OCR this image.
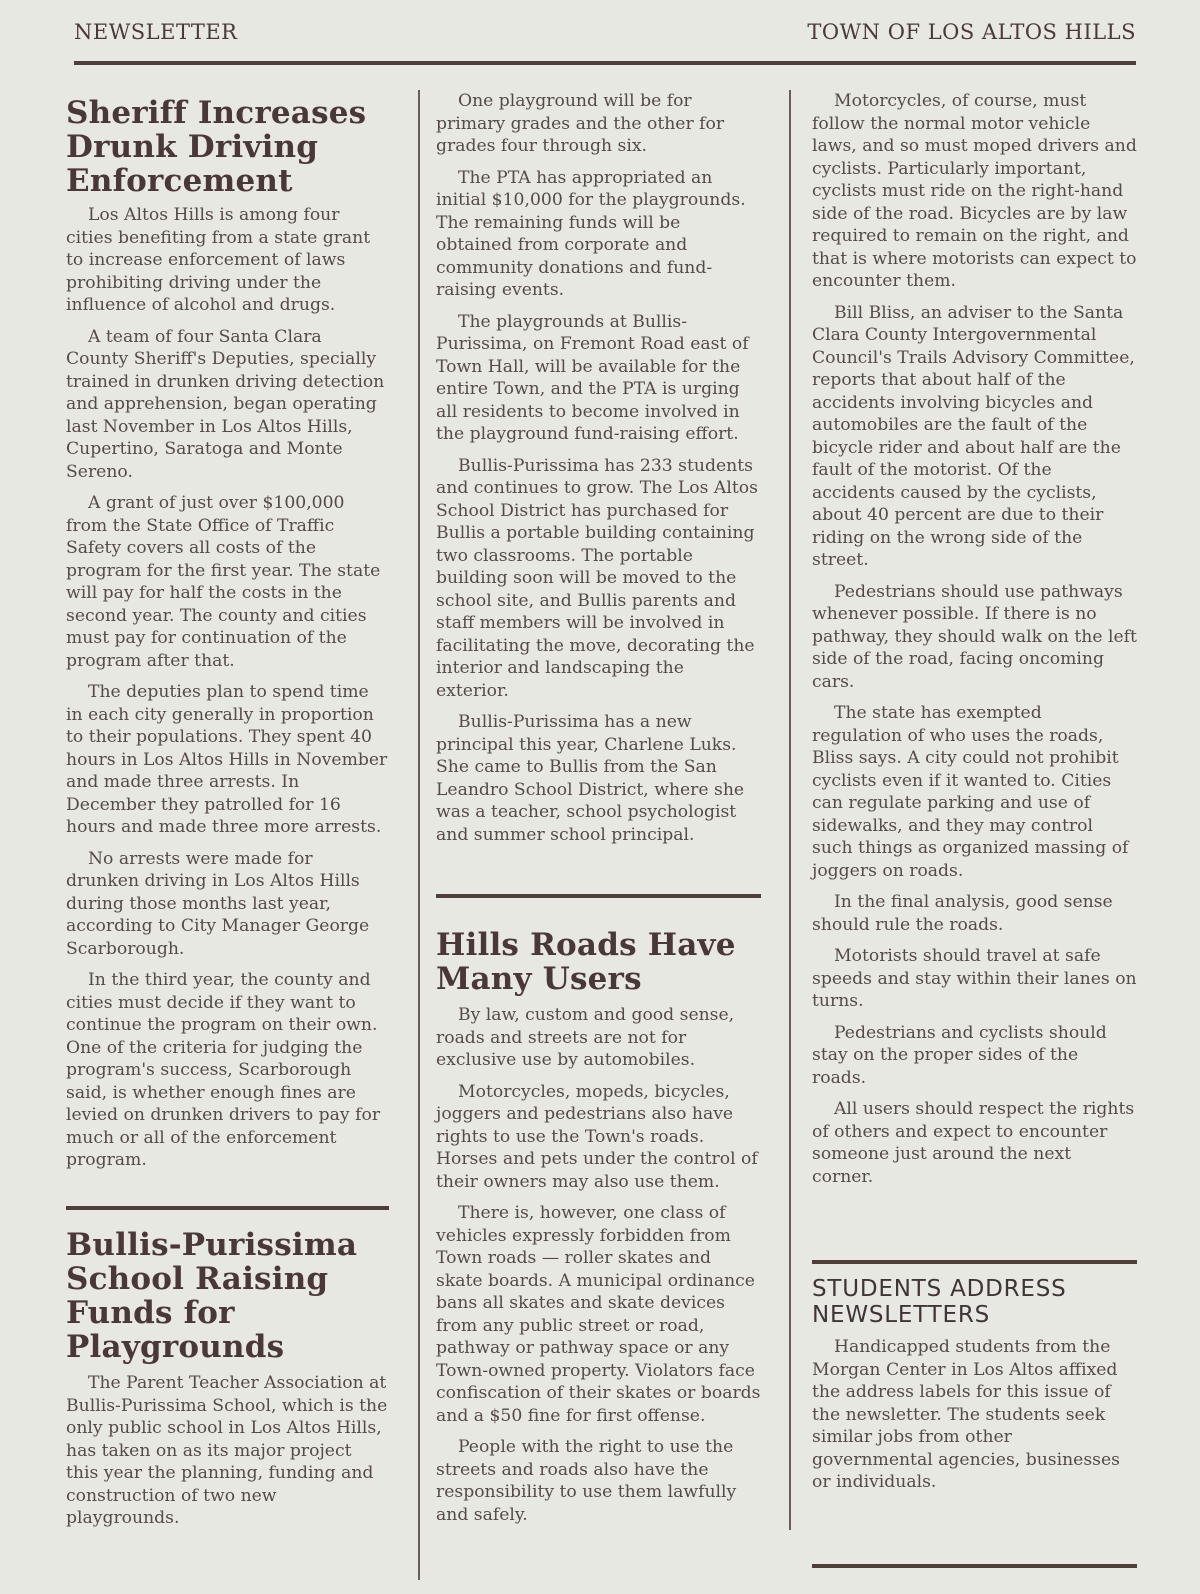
NEWSLETTER	TOWN OF LOS ALTOS HILLS
Sheriff Increases Drunk Driving Enforcement

Los Altos Hills is among four cities benefiting from a state grant to increase enforcement of laws prohibiting driving under the influence of alcohol and drugs.

A team of four Santa Clara County Sheriff's Deputies, specially trained in drunken driving detection and apprehension, began operating last November in Los Altos Hills, Cupertino, Saratoga and Monte Sereno.

A grant of just over $100,000 from the State Office of Traffic Safety covers all costs of the program for the first year. The state will pay for half the costs in the second year. The county and cities must pay for continuation of the program after that.

The deputies plan to spend time in each city generally in proportion to their populations. They spent 40 hours in Los Altos Hills in November and made three arrests. In December they patrolled for 16 hours and made three more arrests.

No arrests were made for drunken driving in Los Altos Hills during those months last year, according to City Manager George Scarborough.

In the third year, the county and cities must decide if they want to continue the program on their own. One of the criteria for judging the program's success, Scarborough said, is whether enough fines are levied on drunken drivers to pay for much or all of the enforcement program.

Bullis-Purissima School Raising Funds for Playgrounds

The Parent Teacher Association at Bullis-Purissima School, which is the only public school in Los Altos Hills, has taken on as its major project this year the planning, funding and construction of two new playgrounds.

One playground will be for primary grades and the other for grades four through six.

The PTA has appropriated an initial $10,000 for the playgrounds. The remaining funds will be obtained from corporate and community donations and fund-raising events.

The playgrounds at Bullis-Purissima, on Fremont Road east of Town Hall, will be available for the entire Town, and the PTA is urging all residents to become involved in the playground fund-raising effort.

Bullis-Purissima has 233 students and continues to grow. The Los Altos School District has purchased for Bullis a portable building containing two classrooms. The portable building soon will be moved to the school site, and Bullis parents and staff members will be involved in facilitating the move, decorating the interior and landscaping the exterior.

Bullis-Purissima has a new principal this year, Charlene Luks. She came to Bullis from the San Leandro School District, where she was a teacher, school psychologist and summer school principal.

Hills Roads Have Many Users

By law, custom and good sense, roads and streets are not for exclusive use by automobiles.

Motorcycles, mopeds, bicycles, joggers and pedestrians also have rights to use the Town's roads. Horses and pets under the control of their owners may also use them.

There is, however, one class of vehicles expressly forbidden from Town roads — roller skates and skate boards. A municipal ordinance bans all skates and skate devices from any public street or road, pathway or pathway space or any Town-owned property. Violators face confiscation of their skates or boards and a $50 fine for first offense.

People with the right to use the streets and roads also have the responsibility to use them lawfully and safely.

Motorcycles, of course, must follow the normal motor vehicle laws, and so must moped drivers and cyclists. Particularly important, cyclists must ride on the right-hand side of the road. Bicycles are by law required to remain on the right, and that is where motorists can expect to encounter them.

Bill Bliss, an adviser to the Santa Clara County Intergovernmental Council's Trails Advisory Committee, reports that about half of the accidents involving bicycles and automobiles are the fault of the bicycle rider and about half are the fault of the motorist. Of the accidents caused by the cyclists, about 40 percent are due to their riding on the wrong side of the street.

Pedestrians should use pathways whenever possible. If there is no pathway, they should walk on the left side of the road, facing oncoming cars.

The state has exempted regulation of who uses the roads, Bliss says. A city could not prohibit cyclists even if it wanted to. Cities can regulate parking and use of sidewalks, and they may control such things as organized massing of joggers on roads.

In the final analysis, good sense should rule the roads.

Motorists should travel at safe speeds and stay within their lanes on turns.

Pedestrians and cyclists should stay on the proper sides of the roads.

All users should respect the rights of others and expect to encounter someone just around the next corner.

STUDENTS ADDRESS NEWSLETTERS

Handicapped students from the Morgan Center in Los Altos affixed the address labels for this issue of the newsletter. The students seek similar jobs from other governmental agencies, businesses or individuals.
